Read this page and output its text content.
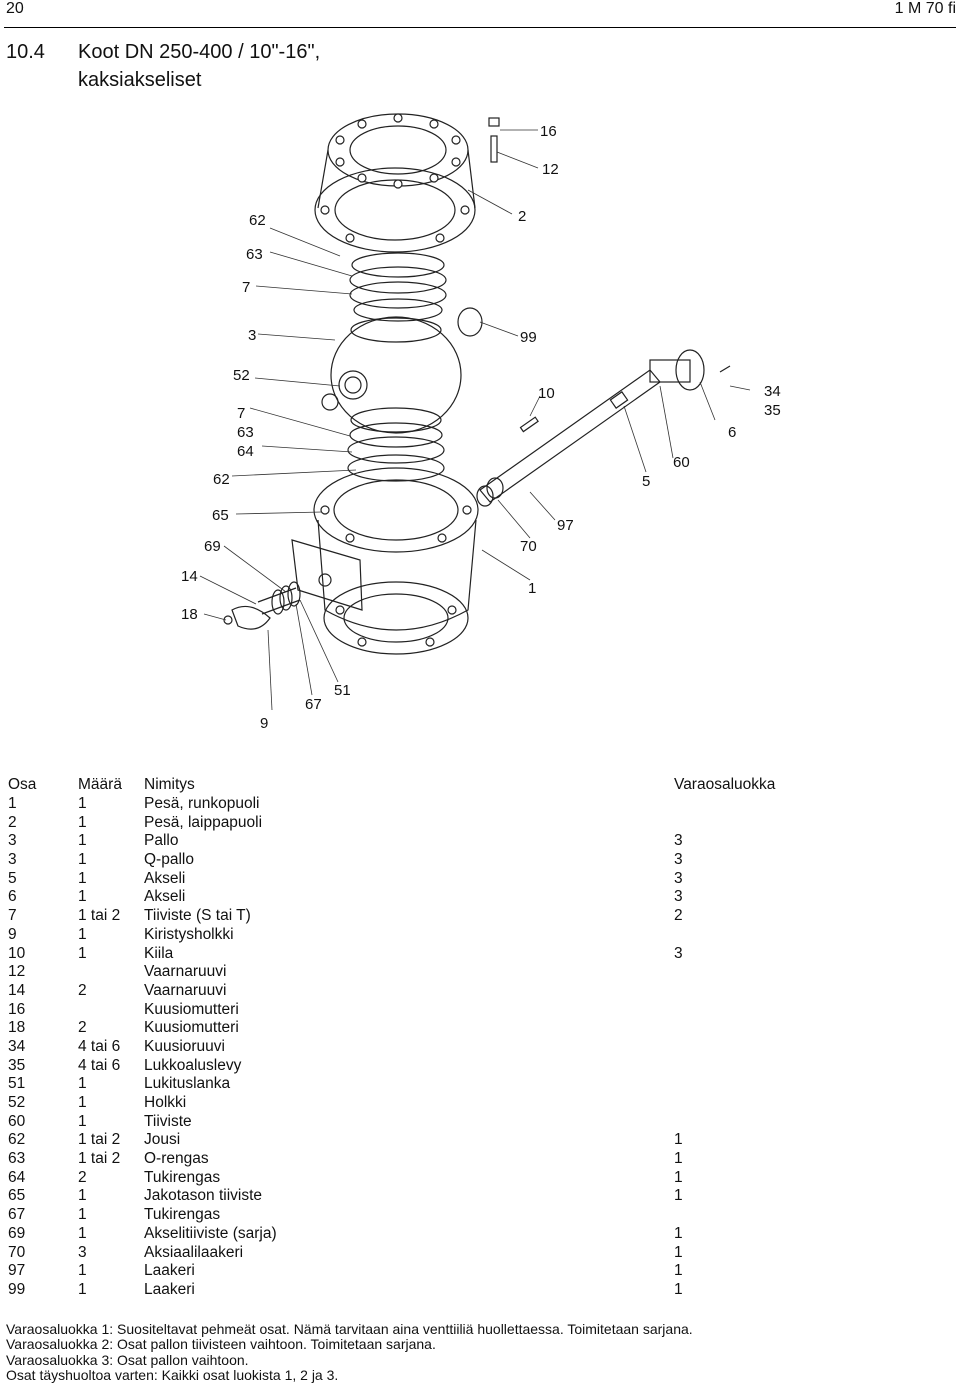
20	1 M 70 fi
10.4 Koot DN 250-400 / 10"-16",
kaksiakseliset
16
12
2
62
63
7
3	99
52
7
63
64
62
10	34
35
6
60
5
65
69
97
70
14
1
18
51
67
9
Osa	Määrä	Nimitys	Varaosaluokka
1	1	Pesä, runkopuoli	
2	1	Pesä, laippapuoli	
3	1	Pallo	3
3	1	Q-pallo	3
5	1	Akseli	3
6	1	Akseli	3
7	1 tai 2	Tiiviste (S tai T)	2
9	1	Kiristysholkki	
10	1	Kiila	3
12		Vaarnaruuvi	
14	2	Vaarnaruuvi	
16		Kuusiomutteri	
18	2	Kuusiomutteri	
34	4 tai 6	Kuusioruuvi	
35	4 tai 6	Lukkoaluslevy	
51	1	Lukituslanka	
52	1	Holkki	
60	1	Tiiviste	
62	1 tai 2	Jousi	1
63	1 tai 2	O-rengas	1
64	2	Tukirengas	1
65	1	Jakotason tiiviste	1
67	1	Tukirengas	
69	1	Akselitiiviste (sarja)	1
70	3	Aksiaalilaakeri	1
97	1	Laakeri	1
99	1	Laakeri	1
Varaosaluokka 1: Suositeltavat pehmeät osat. Nämä tarvitaan aina venttiiliä huollettaessa. Toimitetaan sarjana.
Varaosaluokka 2: Osat pallon tiivisteen vaihtoon. Toimitetaan sarjana.
Varaosaluokka 3: Osat pallon vaihtoon.
Osat täyshuoltoa varten: Kaikki osat luokista 1, 2 ja 3.
